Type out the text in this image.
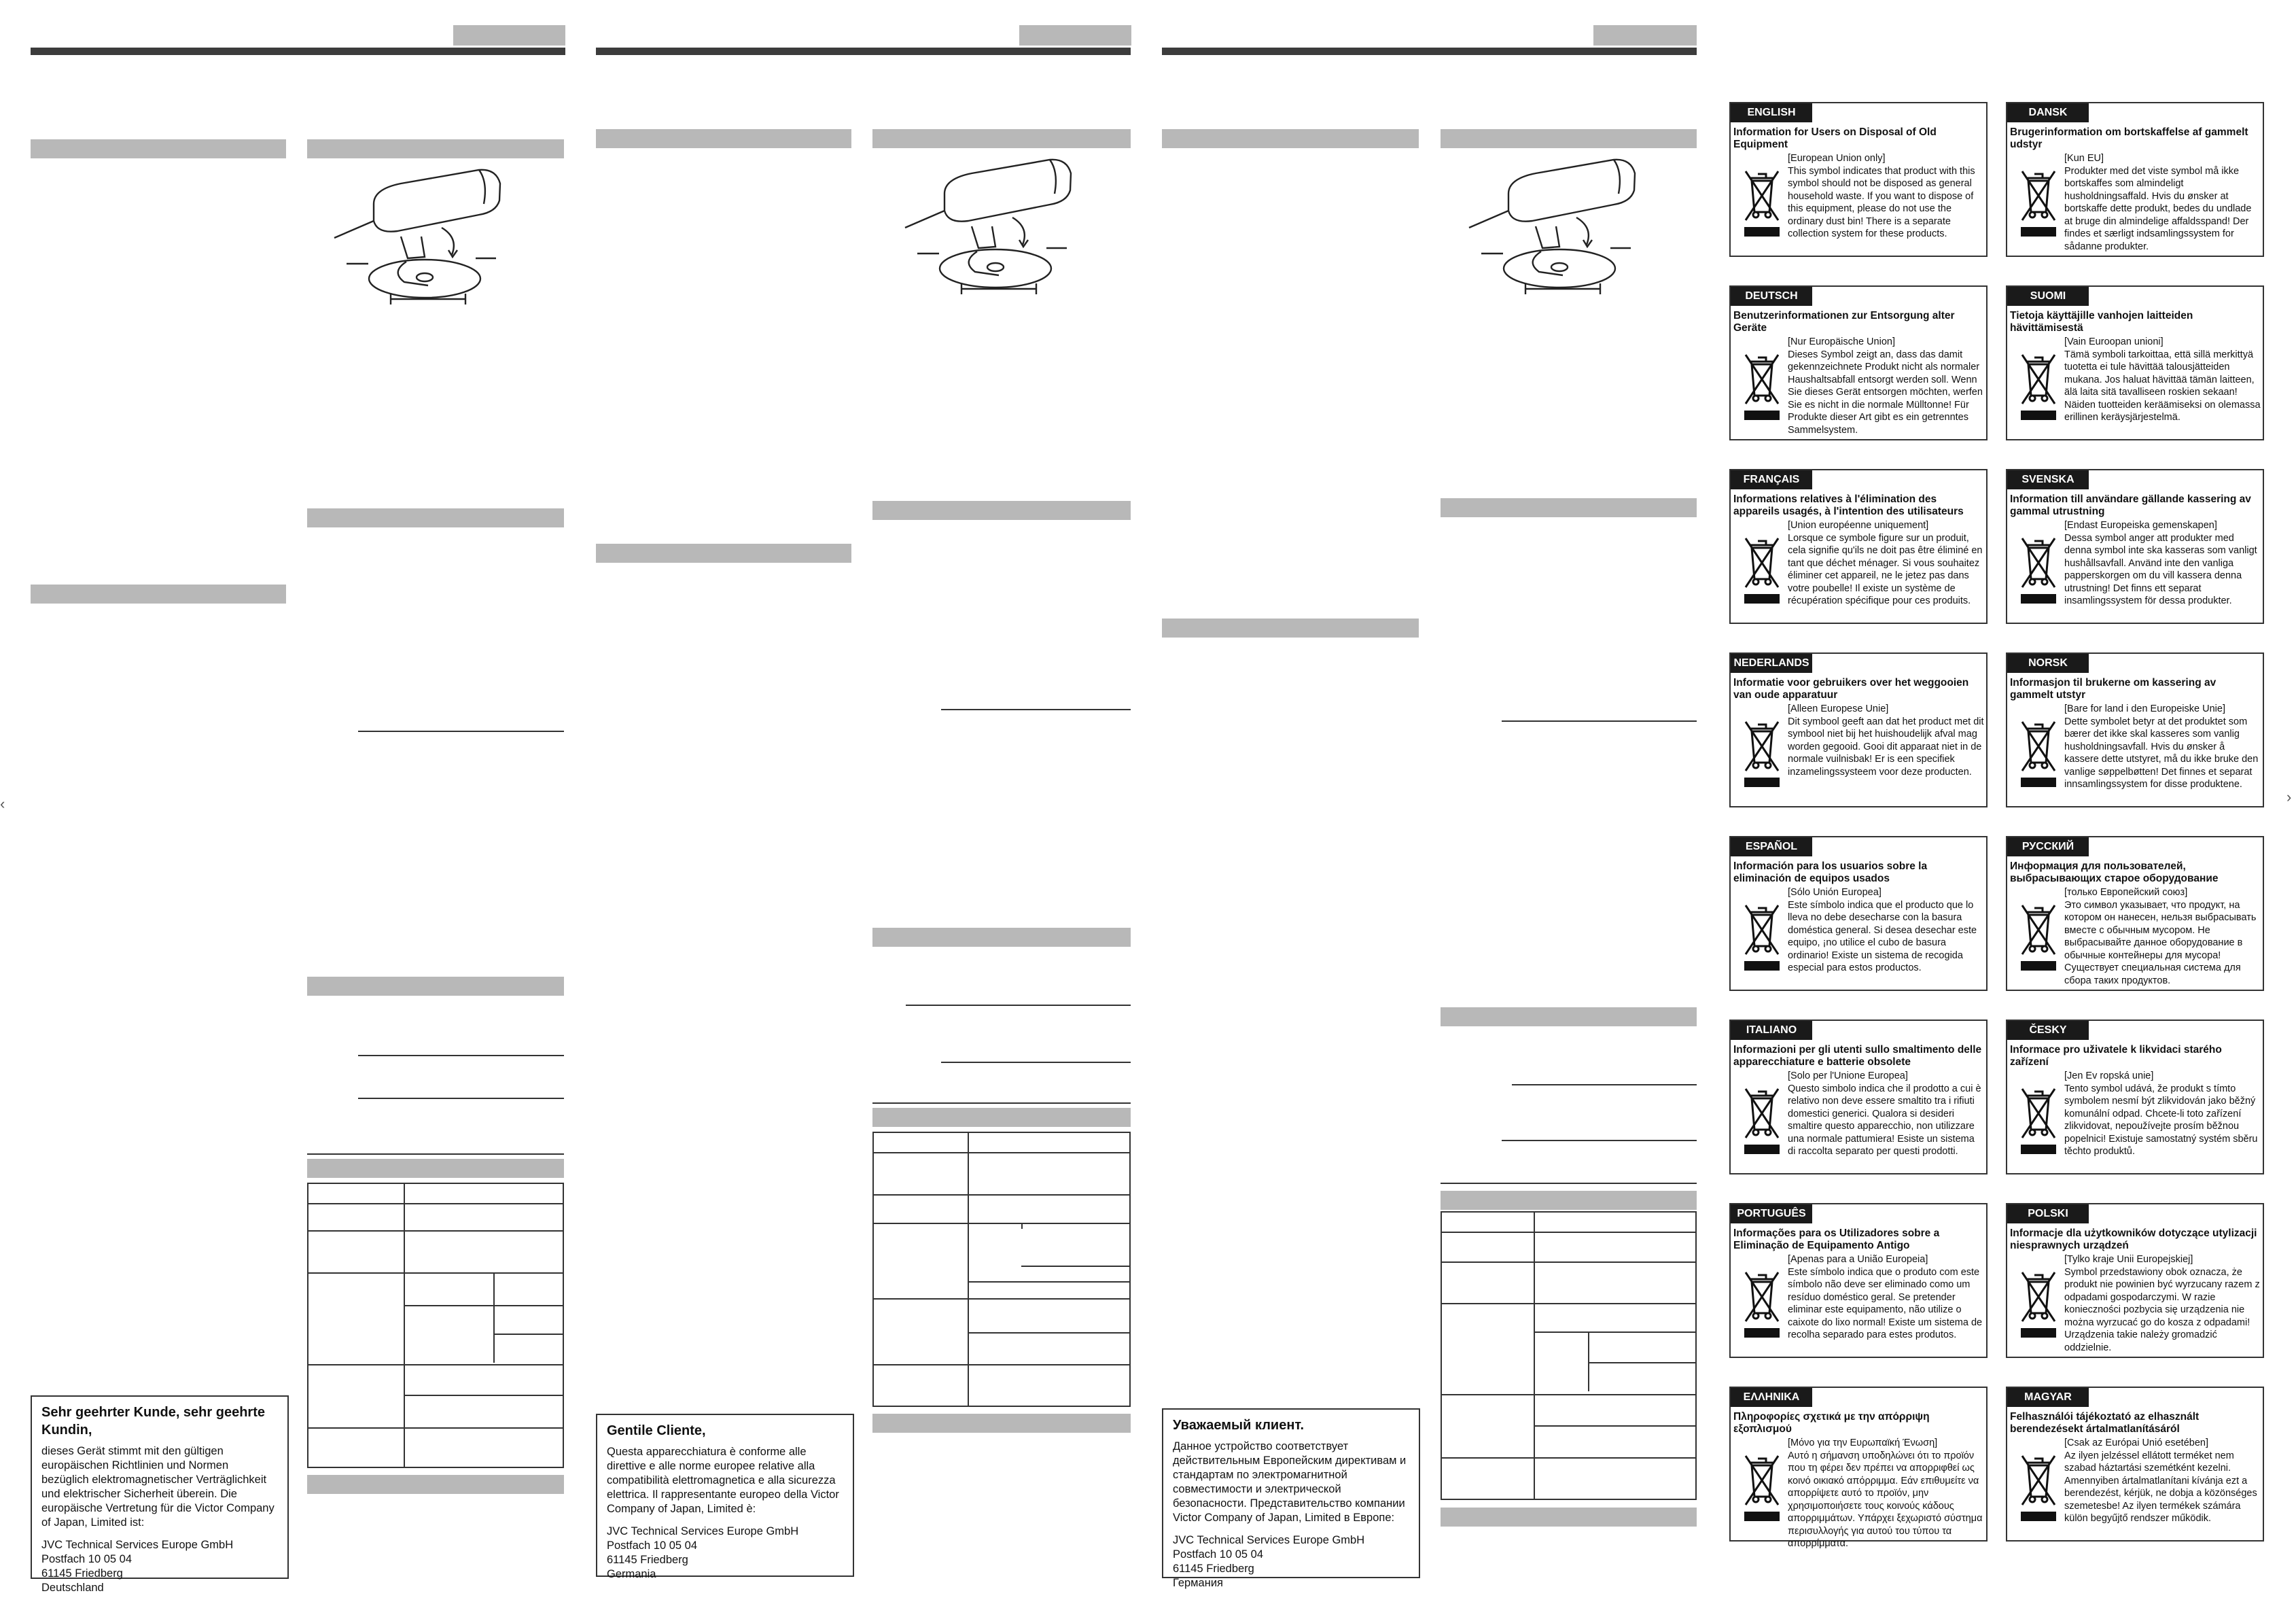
Sehr geehrter Kunde, sehr geehrte Kundin,

dieses Gerät stimmt mit den gültigen europäischen Richtlinien und Normen bezüglich elektromagnetischer Verträglichkeit und elektrischer Sicherheit überein. Die europäische Vertretung für die Victor Company of Japan, Limited ist:

JVC Technical Services Europe GmbH

Postfach 10 05 04

61145 Friedberg

Deutschland

Gentile Cliente,

Questa apparecchiatura è conforme alle direttive e alle norme europee relative alla compatibilità elettromagnetica e alla sicurezza elettrica. Il rappresentante europeo della Victor Company of Japan, Limited è:

JVC Technical Services Europe GmbH

Postfach 10 05 04

61145 Friedberg

Germania

Уважаемый клиент.

Данное устройство соответствует действительным Европейским директивам и стандартам по электромагнитной совместимости и электрической безопасности. Представительство компании Victor Company of Japan, Limited в Европе:

JVC Technical Services Europe GmbH

Postfach 10 05 04

61145 Friedberg

Германия

‹	›
ENGLISH
Information for Users on Disposal of Old Equipment
[European Union only]
This symbol indicates that product with this symbol should not be disposed as general household waste. If you want to dispose of this equipment, please do not use the ordinary dust bin! There is a separate collection system for these products.
DANSK
Brugerinformation om bortskaffelse af gammelt udstyr
[Kun EU]
Produkter med det viste symbol må ikke bortskaffes som almindeligt husholdningsaffald. Hvis du ønsker at bortskaffe dette produkt, bedes du undlade at bruge din almindelige affaldsspand! Der findes et særligt indsamlingssystem for sådanne produkter.
DEUTSCH
Benutzerinformationen zur Entsorgung alter Geräte
[Nur Europäische Union]
Dieses Symbol zeigt an, dass das damit gekennzeichnete Produkt nicht als normaler Haushaltsabfall entsorgt werden soll. Wenn Sie dieses Gerät entsorgen möchten, werfen Sie es nicht in die normale Mülltonne! Für Produkte dieser Art gibt es ein getrenntes Sammelsystem.
SUOMI
Tietoja käyttäjille vanhojen laitteiden hävittämisestä
[Vain Euroopan unioni]
Tämä symboli tarkoittaa, että sillä merkittyä tuotetta ei tule hävittää talousjätteiden mukana. Jos haluat hävittää tämän laitteen, älä laita sitä tavalliseen roskien sekaan! Näiden tuotteiden keräämiseksi on olemassa erillinen keräysjärjestelmä.
FRANÇAIS
Informations relatives à l'élimination des appareils usagés, à l'intention des utilisateurs
[Union européenne uniquement]
Lorsque ce symbole figure sur un produit, cela signifie qu'ils ne doit pas être éliminé en tant que déchet ménager. Si vous souhaitez éliminer cet appareil, ne le jetez pas dans votre poubelle! Il existe un système de récupération spécifique pour ces produits.
SVENSKA
Information till användare gällande kassering av gammal utrustning
[Endast Europeiska gemenskapen]
Dessa symbol anger att produkter med denna symbol inte ska kasseras som vanligt hushållsavfall. Använd inte den vanliga papperskorgen om du vill kassera denna utrustning! Det finns ett separat insamlingssystem för dessa produkter.
NEDERLANDS
Informatie voor gebruikers over het weggooien van oude apparatuur
[Alleen Europese Unie]
Dit symbool geeft aan dat het product met dit symbool niet bij het huishoudelijk afval mag worden gegooid. Gooi dit apparaat niet in de normale vuilnisbak! Er is een specifiek inzamelingssysteem voor deze producten.
NORSK
Informasjon til brukerne om kassering av gammelt utstyr
[Bare for land i den Europeiske Unie]
Dette symbolet betyr at det produktet som bærer det ikke skal kasseres som vanlig husholdningsavfall. Hvis du ønsker å kassere dette utstyret, må du ikke bruke den vanlige søppelbøtten! Det finnes et separat innsamlingssystem for disse produktene.
ESPAÑOL
Información para los usuarios sobre la eliminación de equipos usados
[Sólo Unión Europea]
Este símbolo indica que el producto que lo lleva no debe desecharse con la basura doméstica general. Si desea desechar este equipo, ¡no utilice el cubo de basura ordinario! Existe un sistema de recogida especial para estos productos.
РУССКИЙ
Информация для пользователей, выбрасывающих старое оборудование
[только Европейский союз]
Это символ указывает, что продукт, на котором он нанесен, нельзя выбрасывать вместе с обычным мусором. Не выбрасывайте данное оборудование в обычные контейнеры для мусора! Существует специальная система для сбора таких продуктов.
ITALIANO
Informazioni per gli utenti sullo smaltimento delle apparecchiature e batterie obsolete
[Solo per l'Unione Europea]
Questo simbolo indica che il prodotto a cui è relativo non deve essere smaltito tra i rifiuti domestici generici. Qualora si desideri smaltire questo apparecchio, non utilizzare una normale pattumiera! Esiste un sistema di raccolta separato per questi prodotti.
ČESKY
Informace pro uživatele k likvidaci starého zařízení
[Jen Ev ropská unie]
Tento symbol udává, že produkt s tímto symbolem nesmí být zlikvidován jako běžný komunální odpad. Chcete-li toto zařízení zlikvidovat, nepoužívejte prosím běžnou popelnici! Existuje samostatný systém sběru těchto produktů.
PORTUGUÊS
Informações para os Utilizadores sobre a Eliminação de Equipamento Antigo
[Apenas para a União Europeia]
Este símbolo indica que o produto com este símbolo não deve ser eliminado como um resíduo doméstico geral. Se pretender eliminar este equipamento, não utilize o caixote do lixo normal! Existe um sistema de recolha separado para estes produtos.
POLSKI
Informacje dla użytkowników dotyczące utylizacji niesprawnych urządzeń
[Tylko kraje Unii Europejskiej]
Symbol przedstawiony obok oznacza, że produkt nie powinien być wyrzucany razem z odpadami gospodarczymi. W razie konieczności pozbycia się urządzenia nie można wyrzucać go do kosza z odpadami! Urządzenia takie należy gromadzić oddzielnie.
ΕΛΛΗΝΙΚΑ
Πληροφορίες σχετικά με την απόρριψη εξοπλισμού
[Μόνο για την Ευρωπαϊκή Ένωση]
Αυτό η σήμανση υποδηλώνει ότι το προϊόν που τη φέρει δεν πρέπει να απορριφθεί ως κοινό οικιακό απόρριμμα. Εάν επιθυμείτε να απορρίψετε αυτό το προϊόν, μην χρησιμοποιήσετε τους κοινούς κάδους απορριμμάτων. Υπάρχει ξεχωριστό σύστημα περισυλλογής για αυτού του τύπου τα απορρίμματα.
MAGYAR
Felhasználói tájékoztató az elhasznált berendezésekt ártalmatlanításáról
[Csak az Európai Unió esetében]
Az ilyen jelzéssel ellátott terméket nem szabad háztartási szemétként kezelni. Amennyiben ártalmatlanítani kívánja ezt a berendezést, kérjük, ne dobja a közönséges szemetesbe! Az ilyen termékek számára külön begyűjtő rendszer működik.
